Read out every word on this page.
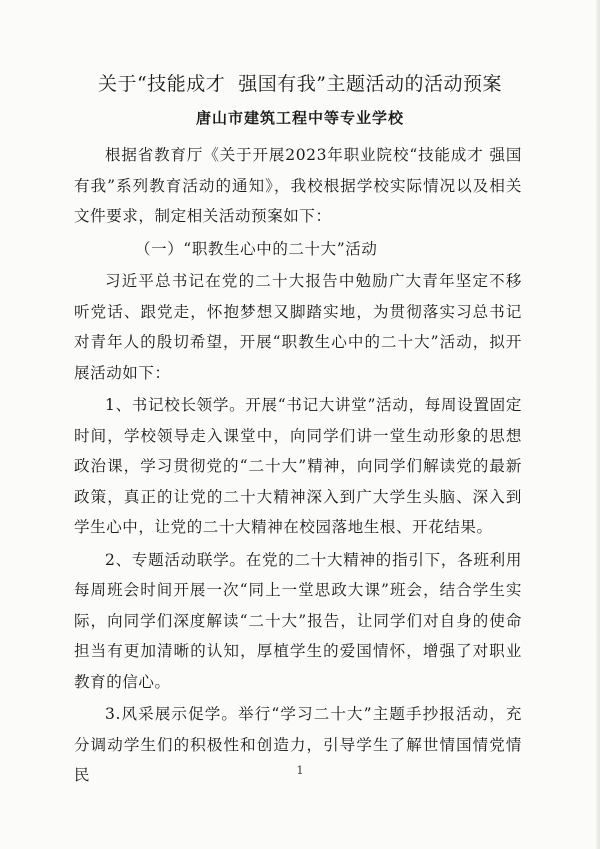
关于“技能成才  强国有我”主题活动的活动预案
唐山市建筑工程中等专业学校

根据省教育厅《关于开展2023年职业院校“技能成才 强国有我”系列教育活动的通知》，我校根据学校实际情况以及相关文件要求，制定相关活动预案如下：

（一）“职教生心中的二十大”活动

习近平总书记在党的二十大报告中勉励广大青年坚定不移听党话、跟党走，怀抱梦想又脚踏实地，为贯彻落实习总书记对青年人的殷切希望，开展“职教生心中的二十大”活动，拟开展活动如下：

1、书记校长领学。开展“书记大讲堂”活动，每周设置固定时间，学校领导走入课堂中，向同学们讲一堂生动形象的思想政治课，学习贯彻党的“二十大”精神，向同学们解读党的最新政策，真正的让党的二十大精神深入到广大学生头脑、深入到学生心中，让党的二十大精神在校园落地生根、开花结果。

2、专题活动联学。在党的二十大精神的指引下，各班利用每周班会时间开展一次“同上一堂思政大课”班会，结合学生实际，向同学们深度解读“二十大”报告，让同学们对自身的使命担当有更加清晰的认知，厚植学生的爱国情怀，增强了对职业教育的信心。

3.风采展示促学。举行“学习二十大”主题手抄报活动，充分调动学生们的积极性和创造力，引导学生了解世情国情党情民	1
